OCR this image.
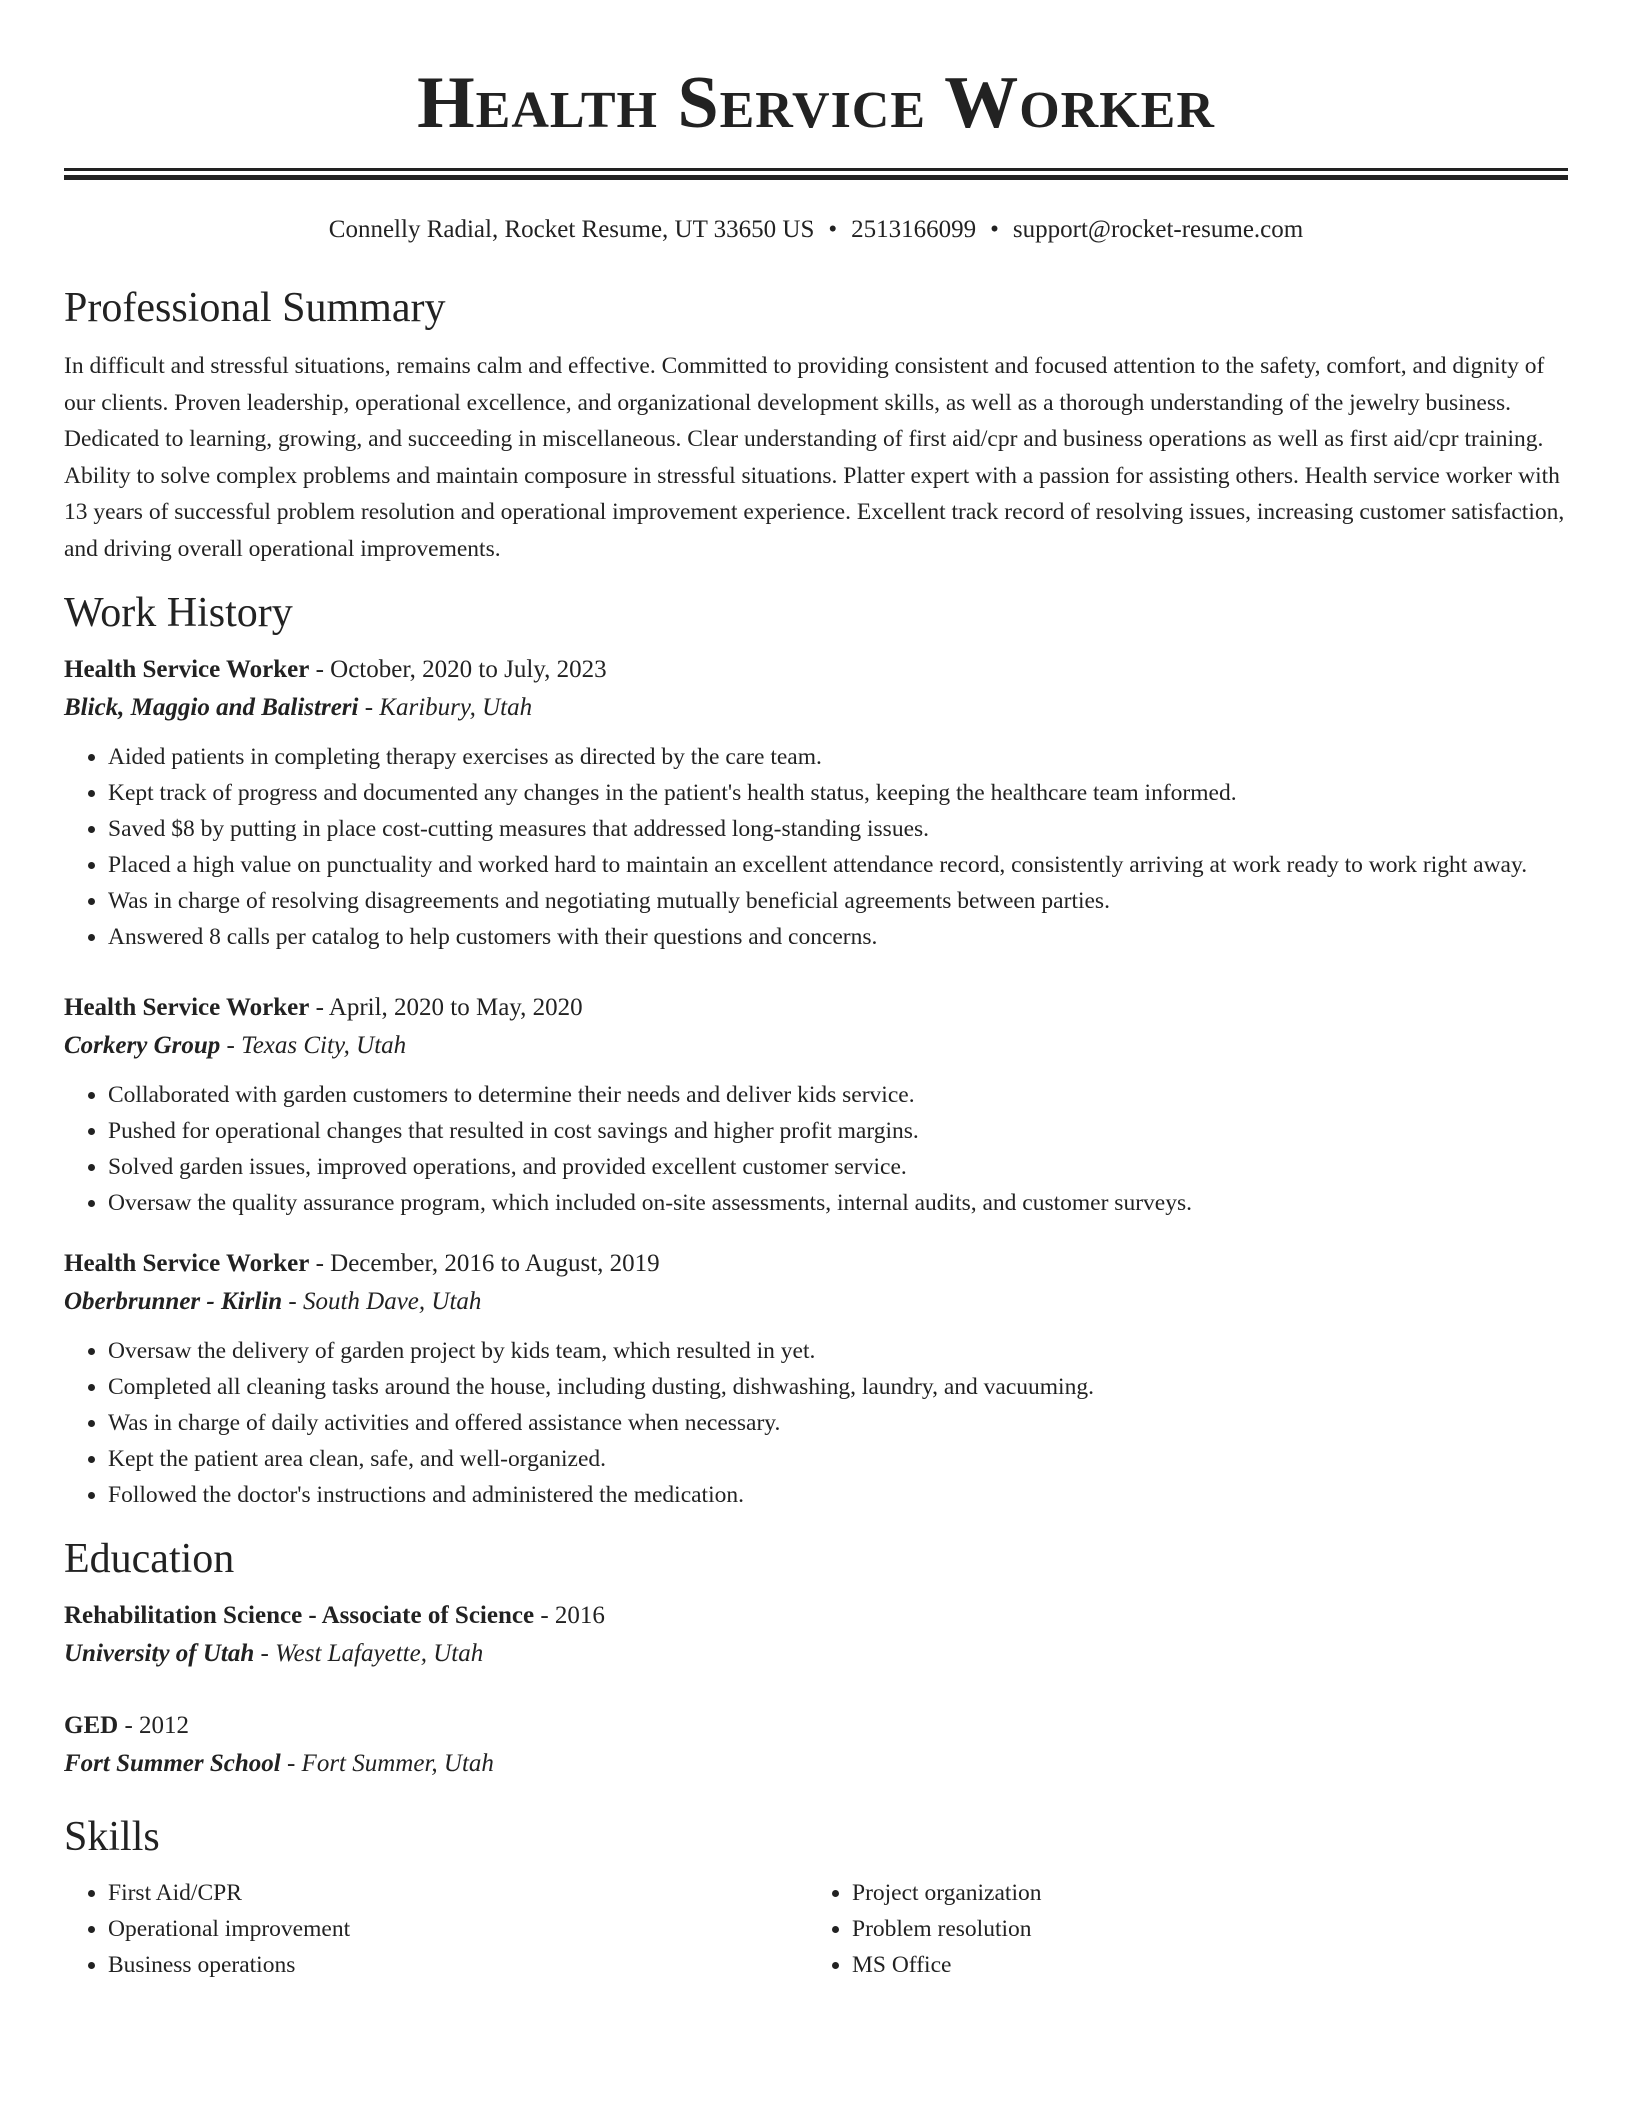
Health Service Worker
Connelly Radial, Rocket Resume, UT 33650 US • 2513166099 • support@rocket-resume.com
Professional Summary

In difficult and stressful situations, remains calm and effective. Committed to providing consistent and focused attention to the safety, comfort, and dignity of our clients. Proven leadership, operational excellence, and organizational development skills, as well as a thorough understanding of the jewelry business. Dedicated to learning, growing, and succeeding in miscellaneous. Clear understanding of first aid/cpr and business operations as well as first aid/cpr training. Ability to solve complex problems and maintain composure in stressful situations. Platter expert with a passion for assisting others. Health service worker with 13 years of successful problem resolution and operational improvement experience. Excellent track record of resolving issues, increasing customer satisfaction, and driving overall operational improvements.

Work History
Health Service Worker - October, 2020 to July, 2023
Blick, Maggio and Balistreri - Karibury, Utah
• Aided patients in completing therapy exercises as directed by the care team.
• Kept track of progress and documented any changes in the patient's health status, keeping the healthcare team informed.
• Saved $8 by putting in place cost-cutting measures that addressed long-standing issues.
• Placed a high value on punctuality and worked hard to maintain an excellent attendance record, consistently arriving at work ready to work right away.
• Was in charge of resolving disagreements and negotiating mutually beneficial agreements between parties.
• Answered 8 calls per catalog to help customers with their questions and concerns.
Health Service Worker - April, 2020 to May, 2020
Corkery Group - Texas City, Utah
• Collaborated with garden customers to determine their needs and deliver kids service.
• Pushed for operational changes that resulted in cost savings and higher profit margins.
• Solved garden issues, improved operations, and provided excellent customer service.
• Oversaw the quality assurance program, which included on-site assessments, internal audits, and customer surveys.
Health Service Worker - December, 2016 to August, 2019
Oberbrunner - Kirlin - South Dave, Utah
• Oversaw the delivery of garden project by kids team, which resulted in yet.
• Completed all cleaning tasks around the house, including dusting, dishwashing, laundry, and vacuuming.
• Was in charge of daily activities and offered assistance when necessary.
• Kept the patient area clean, safe, and well-organized.
• Followed the doctor's instructions and administered the medication.
Education
Rehabilitation Science - Associate of Science - 2016
University of Utah - West Lafayette, Utah
GED - 2012
Fort Summer School - Fort Summer, Utah
Skills
• First Aid/CPR
• Operational improvement
• Business operations
• Project organization
• Problem resolution
• MS Office
